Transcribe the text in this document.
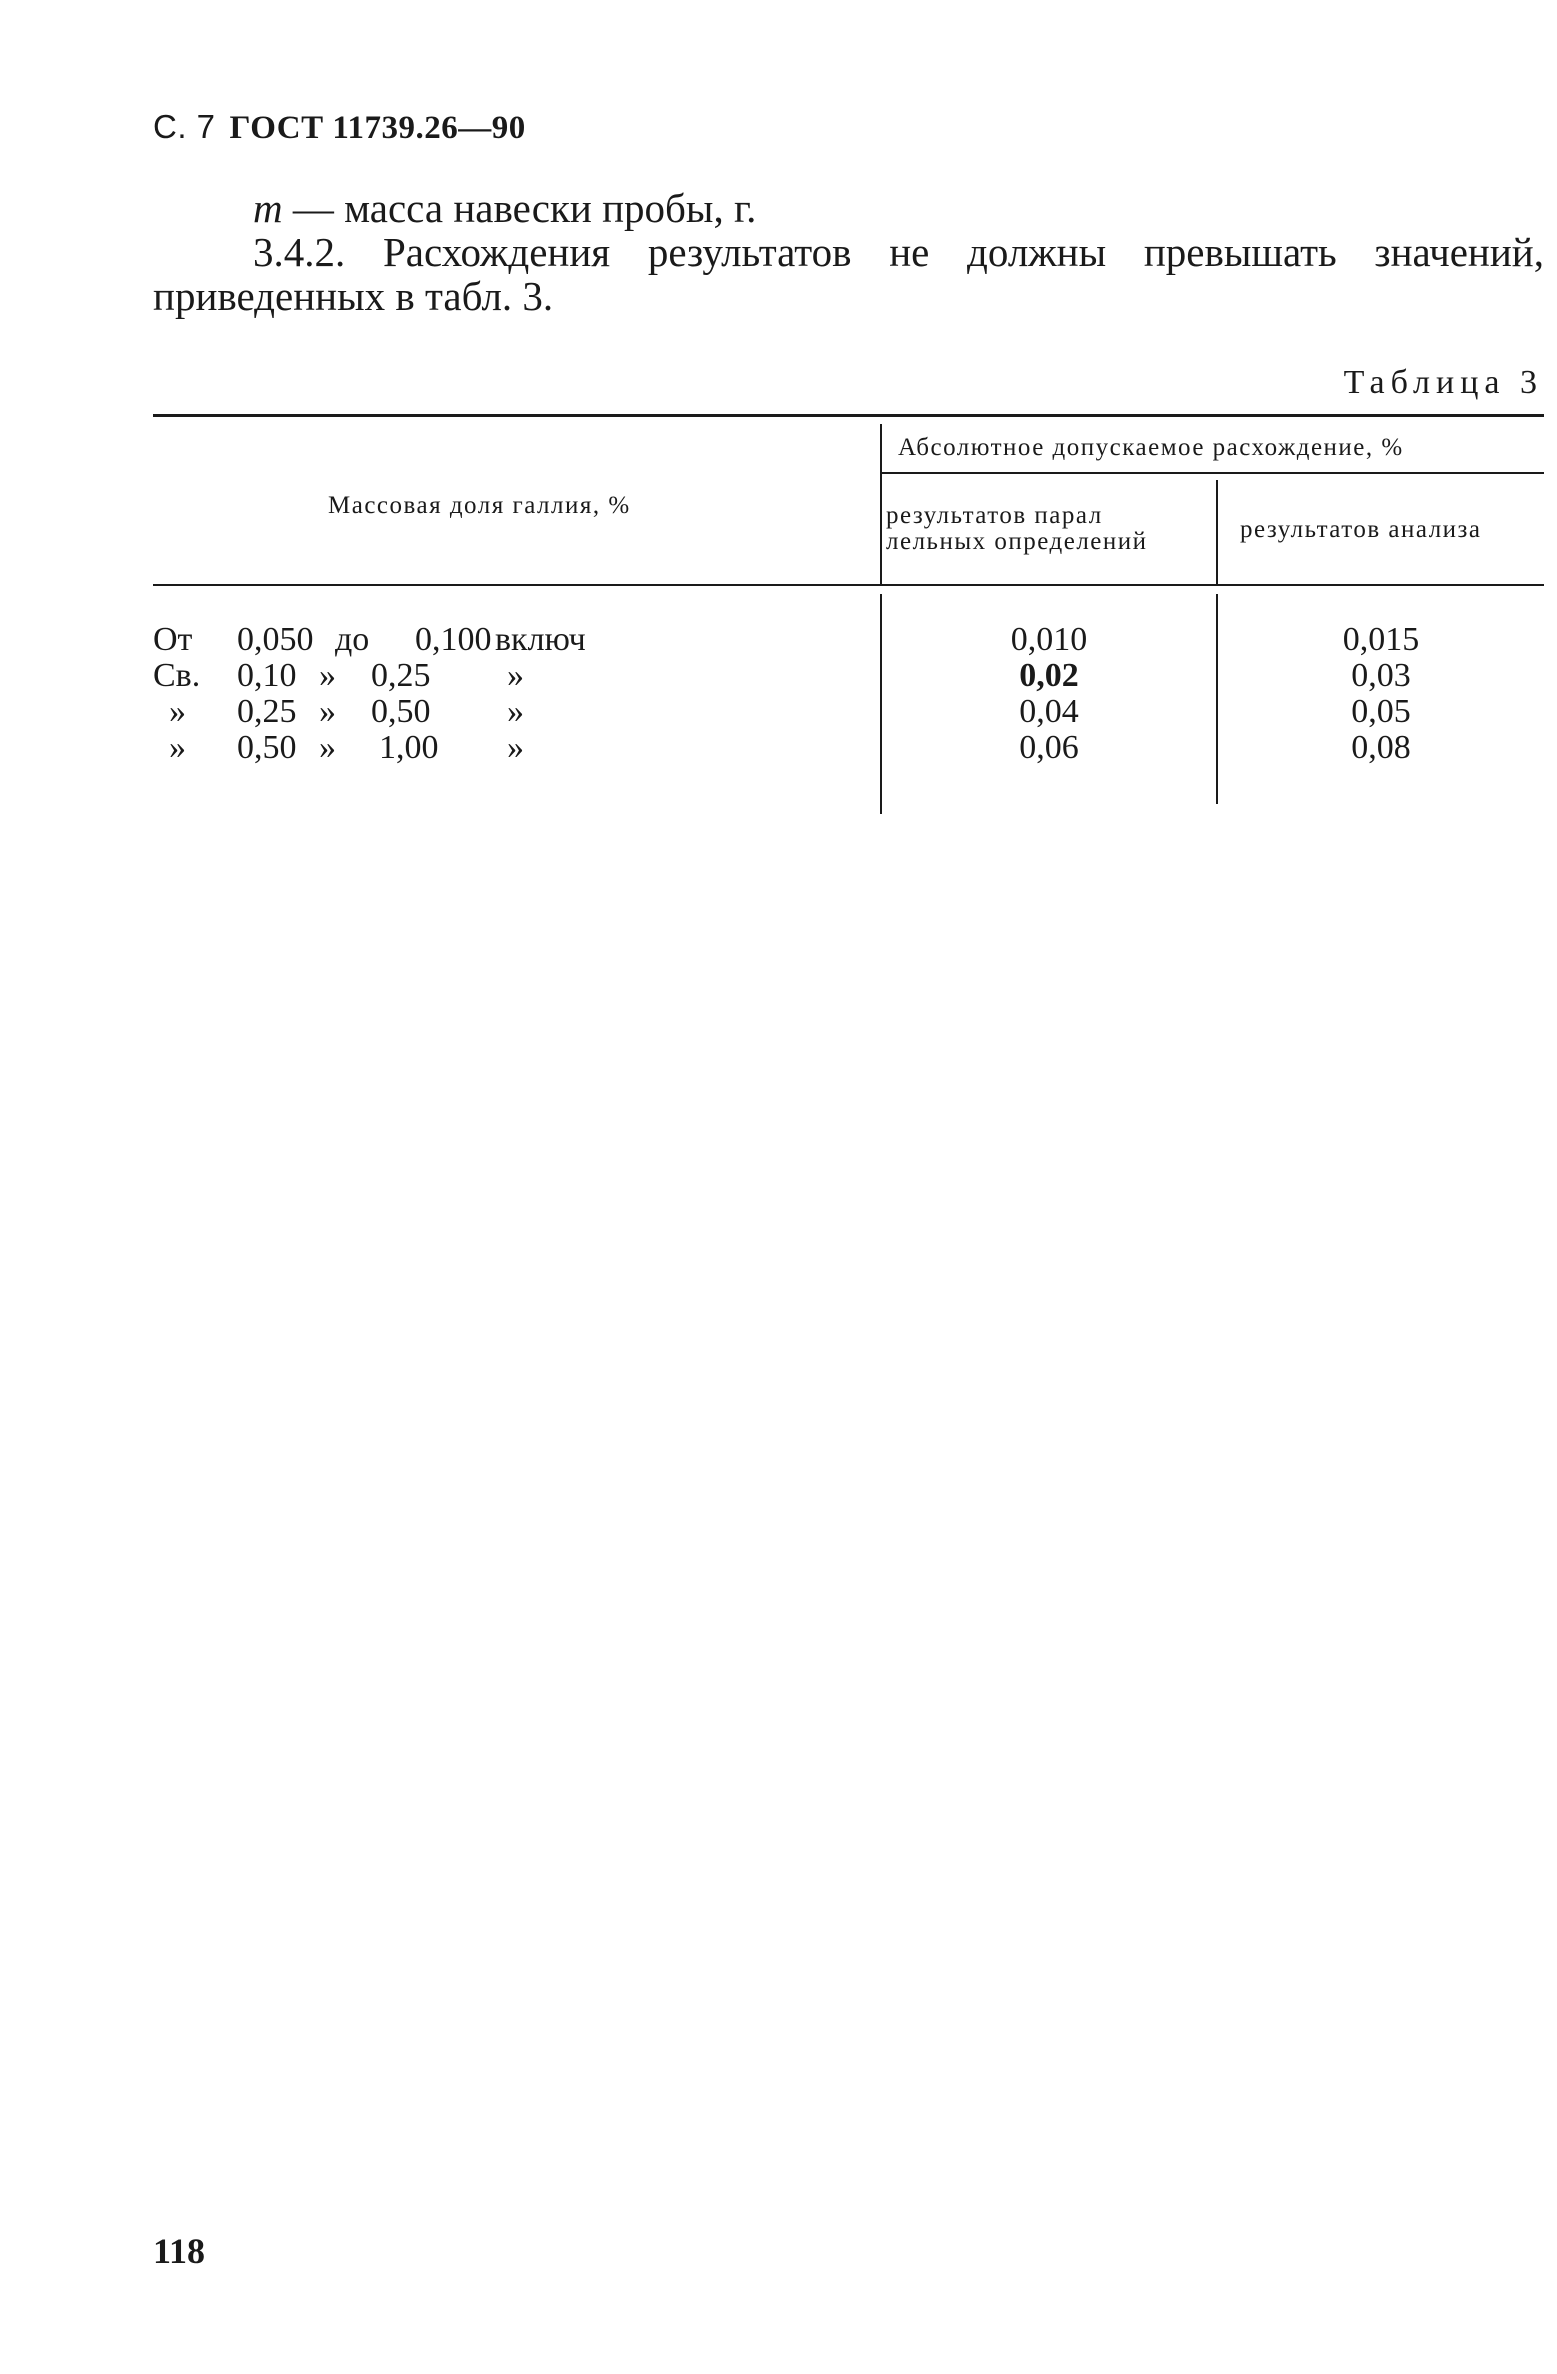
С. 7 ГОСТ 11739.26—90
m — масса навески пробы, г.
3.4.2. Расхождения результатов не должны превышать значений, приведенных в табл. 3.
Таблица 3
Массовая доля галлия, %
Абсолютное допускаемое расхождение, %
результатов парал
лельных определений	результатов анализа
От 0,050 до 0,100 включ	0,010	0,015
Св. 0,10 » 0,25 »	0,02	0,03
» 0,25 » 0,50 »	0,04	0,05
» 0,50 » 1,00 »	0,06	0,08
118
